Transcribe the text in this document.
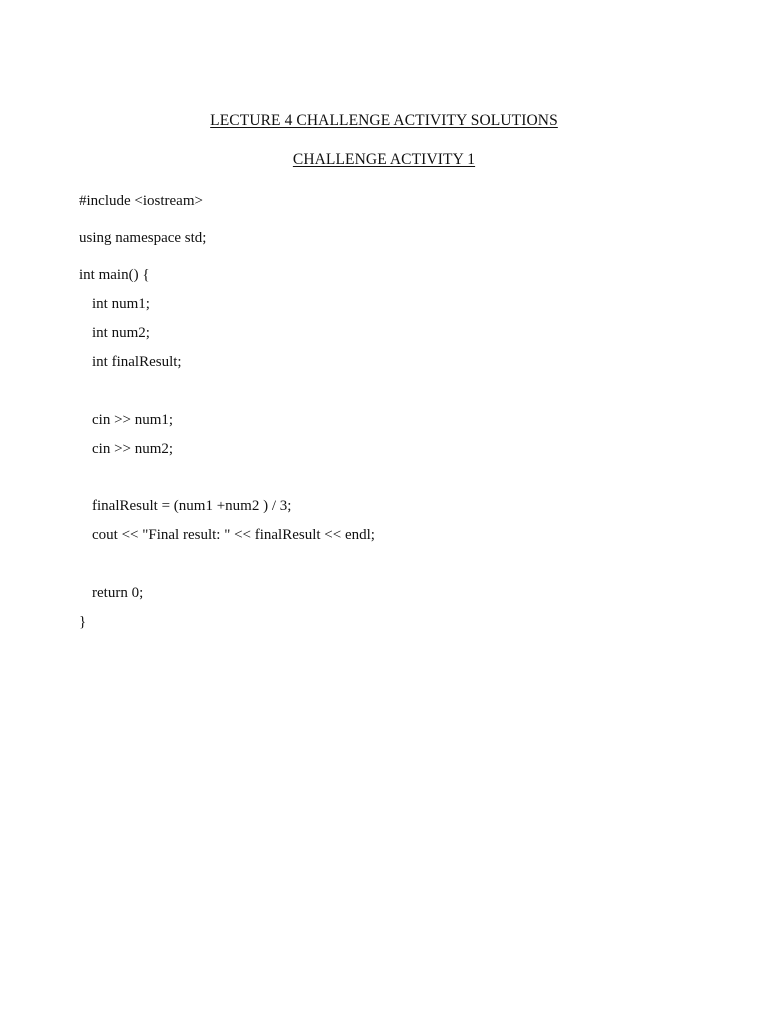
LECTURE 4 CHALLENGE ACTIVITY SOLUTIONS
CHALLENGE ACTIVITY 1
#include <iostream>
using namespace std;
int main() {
int num1;
int num2;
int finalResult;
cin >> num1;
cin >> num2;
finalResult = (num1 +num2 ) / 3;
cout << "Final result: " << finalResult << endl;
return 0;
}
